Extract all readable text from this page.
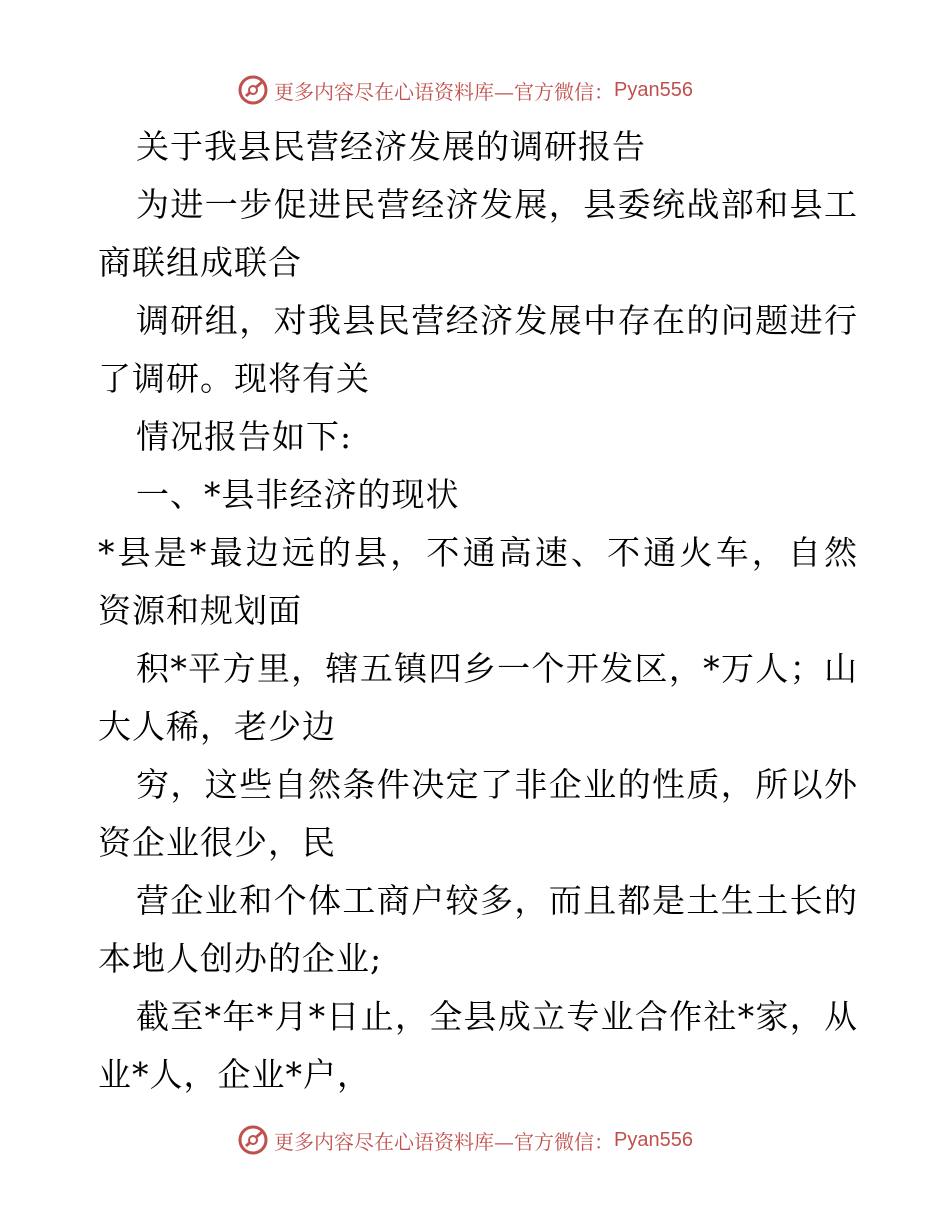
更多内容尽在心语资料库—官方微信： Pyan556
关于我县民营经济发展的调研报告
为进一步促进民营经济发展，县委统战部和县工
商联组成联合
调研组，对我县民营经济发展中存在的问题进行
了调研。现将有关
情况报告如下:
一、*县非经济的现状
*县是*最边远的县，不通高速、不通火车，自然
资源和规划面
积*平方里，辖五镇四乡一个开发区，*万人；山
大人稀，老少边
穷，这些自然条件决定了非企业的性质，所以外
资企业很少，民
营企业和个体工商户较多，而且都是土生土长的
本地人创办的企业;
截至*年*月*日止，全县成立专业合作社*家，从
业*人，企业*户，
更多内容尽在心语资料库—官方微信： Pyan556
